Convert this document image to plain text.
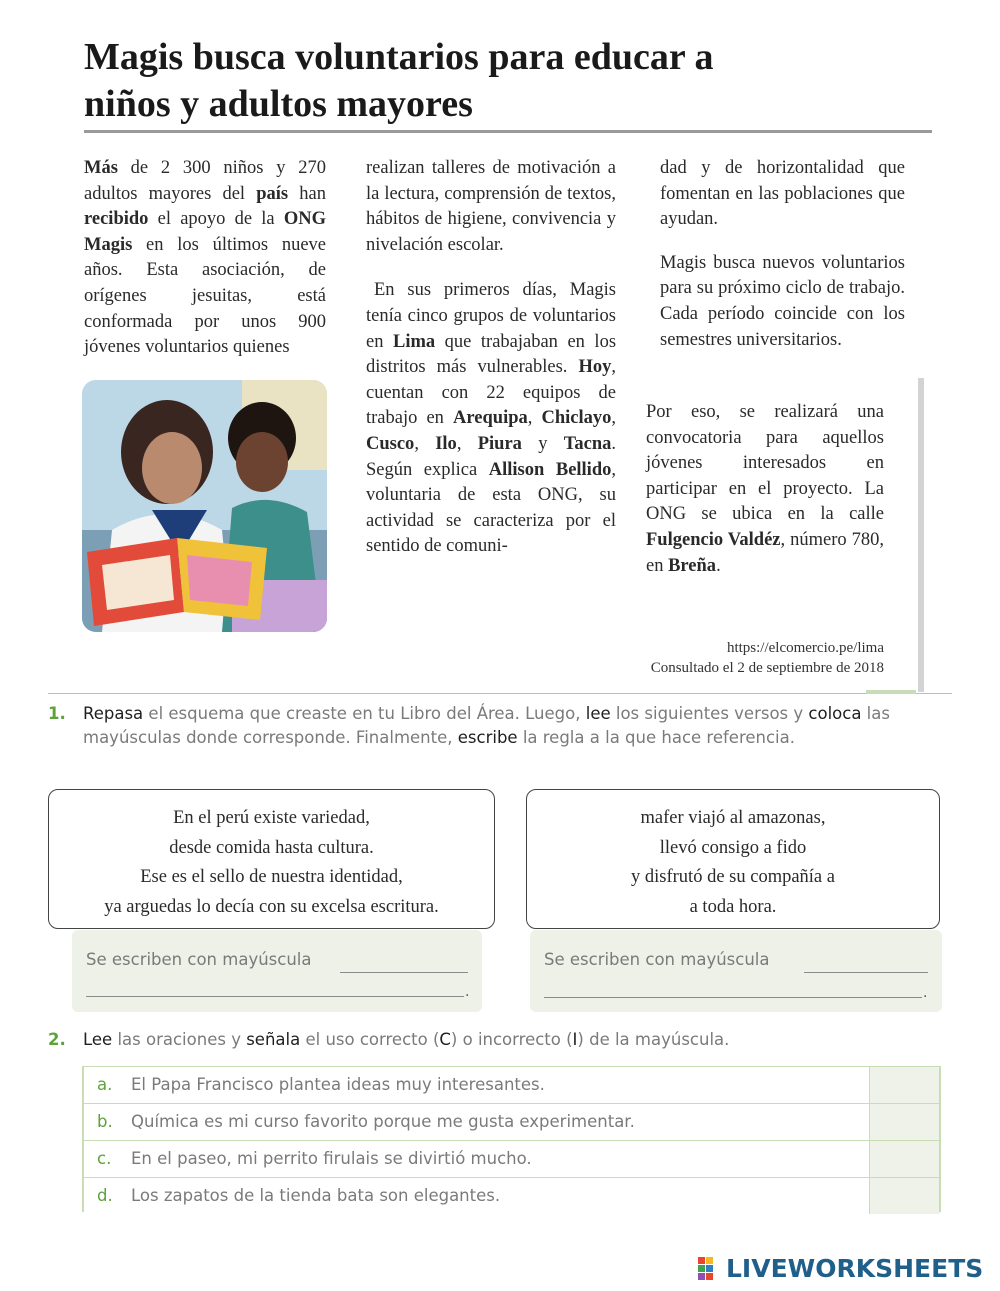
Magis busca voluntarios para educar a
niños y adultos mayores

Más de 2 300 niños y 270 adultos mayores del país han recibido el apoyo de la ONG Magis en los últimos nueve años. Esta asociación, de orígenes jesuitas, está conformada por unos 900 jóvenes voluntarios quienes

realizan talleres de motivación a la lectura, comprensión de textos, hábitos de higiene, convivencia y nivelación escolar.

En sus primeros días, Magis tenía cinco grupos de voluntarios en Lima que trabajaban en los distritos más vulnerables. Hoy, cuentan con 22 equipos de trabajo en Arequipa, Chiclayo, Cusco, Ilo, Piura y Tacna. Según explica Allison Bellido, voluntaria de esta ONG, su actividad se caracteriza por el sentido de comuni-

dad y de horizontalidad que fomentan en las poblaciones que ayudan.

Magis busca nuevos voluntarios para su próximo ciclo de trabajo. Cada período coincide con los semestres universitarios.

Por eso, se realizará una convocatoria para aquellos jóvenes interesados en participar en el proyecto. La ONG se ubica en la calle Fulgencio Valdéz, número 780, en Breña.

https://elcomercio.pe/lima
Consultado el 2 de septiembre de 2018
1. Repasa el esquema que creaste en tu Libro del Área. Luego, lee los siguientes versos y coloca las mayúsculas donde corresponde. Finalmente, escribe la regla a la que hace referencia.
En el perú existe variedad,
desde comida hasta cultura.
Ese es el sello de nuestra identidad,
ya arguedas lo decía con su excelsa escritura.
mafer viajó al amazonas,
llevó consigo a fido
y disfrutó de su compañía a
a toda hora.
Se escriben con mayúscula
.
Se escriben con mayúscula
.
2. Lee las oraciones y señala el uso correcto (C) o incorrecto (I) de la mayúscula.
a. El Papa Francisco plantea ideas muy interesantes.
b. Química es mi curso favorito porque me gusta experimentar.
c. En el paseo, mi perrito firulais se divirtió mucho.
d. Los zapatos de la tienda bata son elegantes.
LIVEWORKSHEETS
